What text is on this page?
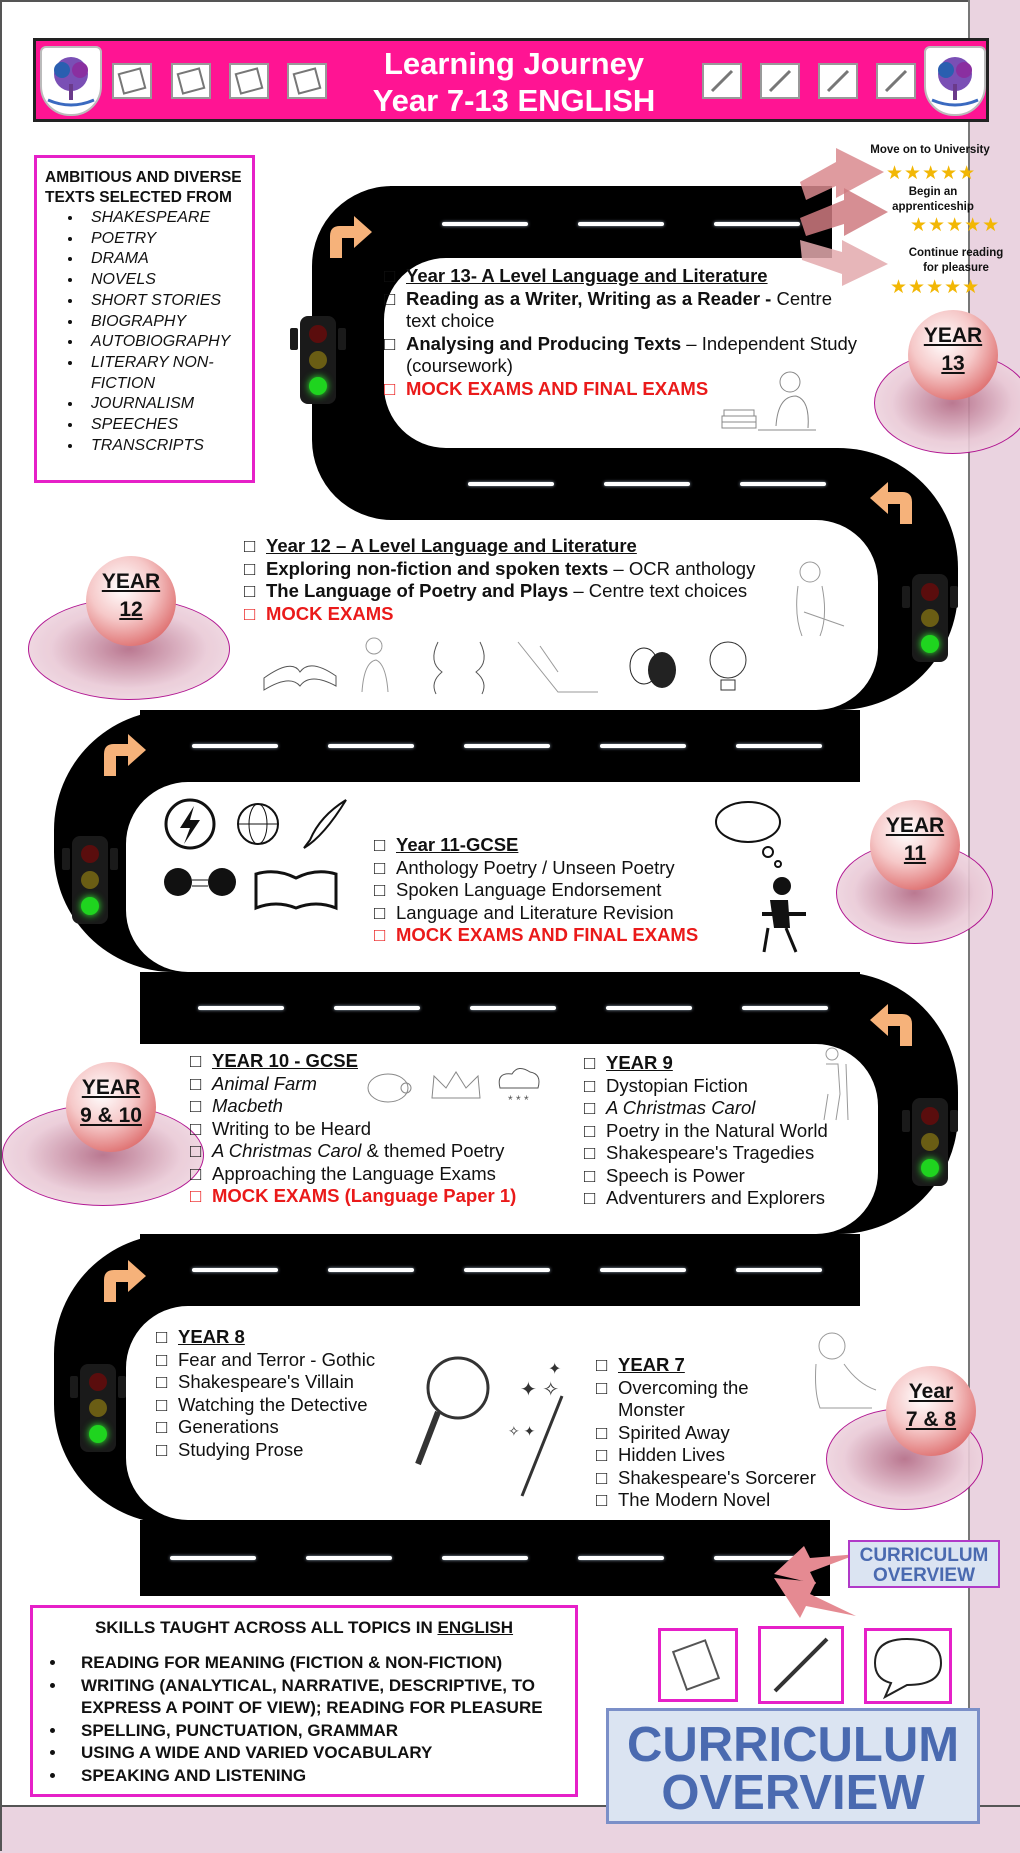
Learning Journey
Year 7-13 ENGLISH
AMBITIOUS AND DIVERSE TEXTS SELECTED FROM
• SHAKESPEARE
• POETRY
• DRAMA
• NOVELS
• SHORT STORIES
• BIOGRAPHY
• AUTOBIOGRAPHY
• LITERARY NON-FICTION
• JOURNALISM
• SPEECHES
• TRANSCRIPTS
Move on to University
★★★★★
Begin an apprenticeship
★★★★★
Continue reading for pleasure
★★★★★
YEAR
13
YEAR
12
YEAR
11
YEAR
9 & 10
Year
7 & 8
□ Year 13- A Level Language and Literature
□ Reading as a Writer, Writing as a Reader - Centre
text choice
□ Analysing and Producing Texts – Independent Study
(coursework)
□ MOCK EXAMS AND FINAL EXAMS
□ Year 12 – A Level Language and Literature
□ Exploring non-fiction and spoken texts – OCR anthology
□ The Language of Poetry and Plays – Centre text choices
□ MOCK EXAMS
□ Year 11-GCSE
□ Anthology Poetry / Unseen Poetry
□ Spoken Language Endorsement
□ Language and Literature Revision
□ MOCK EXAMS AND FINAL EXAMS
□ YEAR 10 - GCSE
□ Animal Farm
□ Macbeth
□ Writing to be Heard
□ A Christmas Carol & themed Poetry
□ Approaching the Language Exams
□ MOCK EXAMS (Language Paper 1)
* * *
□ YEAR 9
□ Dystopian Fiction
□ A Christmas Carol
□ Poetry in the Natural World
□ Shakespeare's Tragedies
□ Speech is Power
□ Adventurers and Explorers
□ YEAR 8
□ Fear and Terror - Gothic
□ Shakespeare's Villain
□ Watching the Detective
□ Generations
□ Studying Prose
✦ ✧
✦
✧ ✦
□ YEAR 7
□ Overcoming the
Monster
□ Spirited Away
□ Hidden Lives
□ Shakespeare's Sorcerer
□ The Modern Novel
CURRICULUM
OVERVIEW
SKILLS TAUGHT ACROSS ALL TOPICS IN ENGLISH
• READING FOR MEANING (FICTION & NON-FICTION)
• WRITING (ANALYTICAL, NARRATIVE, DESCRIPTIVE, TO EXPRESS A POINT OF VIEW); READING FOR PLEASURE
• SPELLING, PUNCTUATION, GRAMMAR
• USING A WIDE AND VARIED VOCABULARY
• SPEAKING AND LISTENING
CURRICULUM
OVERVIEW
